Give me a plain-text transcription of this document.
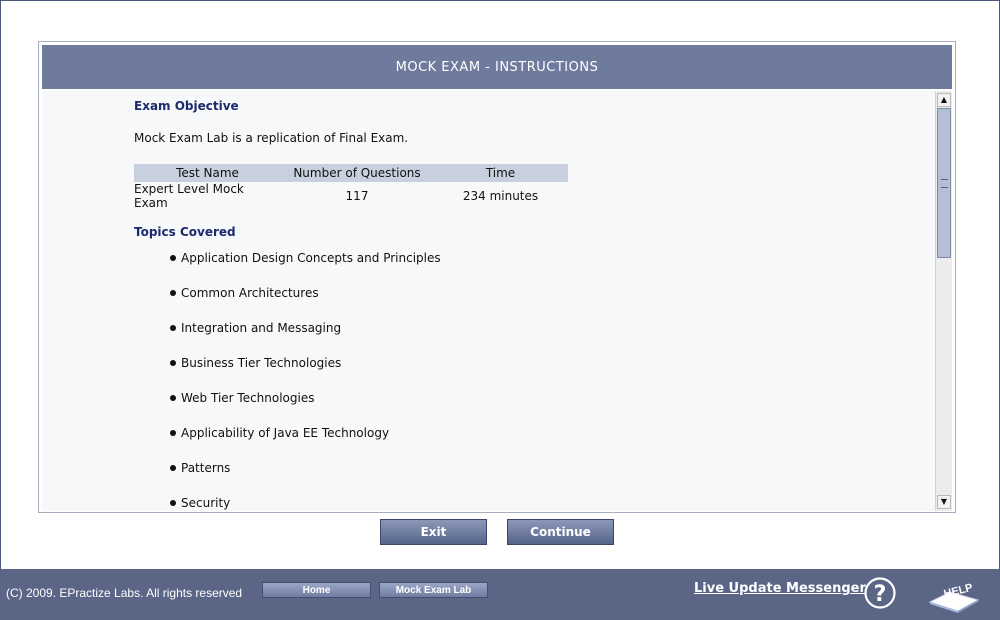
MOCK EXAM - INSTRUCTIONS
Exam Objective
Mock Exam Lab is a replication of Final Exam.
Test Name	Number of Questions	Time
Expert Level Mock Exam	117	234 minutes
Topics Covered
Application Design Concepts and Principles
Common Architectures
Integration and Messaging
Business Tier Technologies
Web Tier Technologies
Applicability of Java EE Technology
Patterns
Security
▲
▼
Exit	Continue
(C) 2009. EPractize Labs. All rights reserved	Home	Mock Exam Lab	Live Update Messenger ?	HELP
